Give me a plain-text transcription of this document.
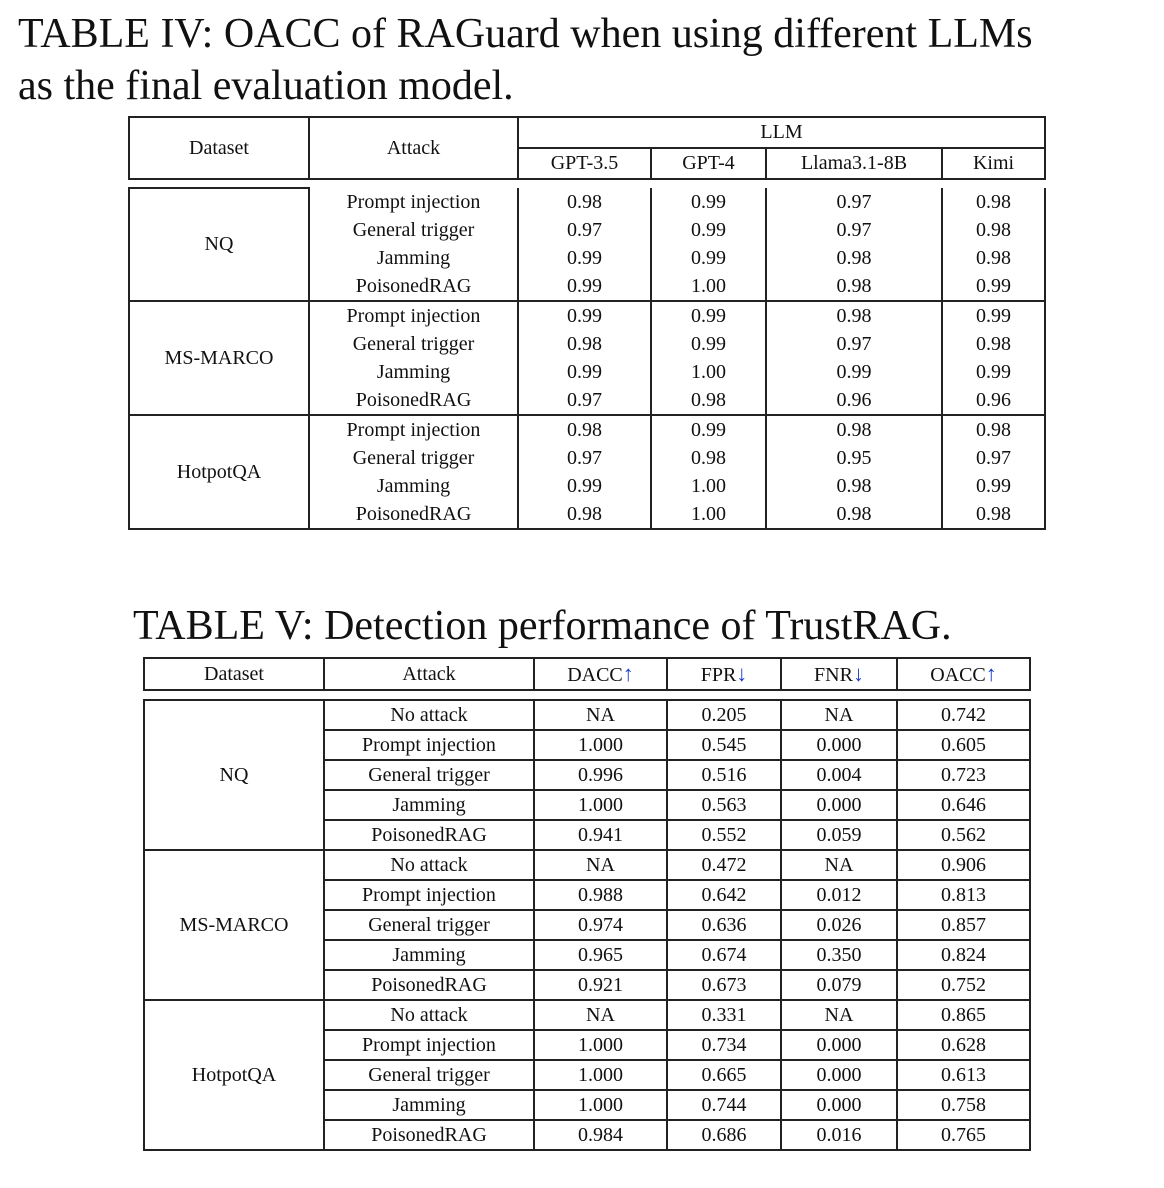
TABLE IV: OACC of RAGuard when using different LLMs
as the final evaluation model.
Dataset	Attack	LLM			
		GPT-3.5	GPT-4	Llama3.1-8B	Kimi
NQ	Prompt injection	0.98	0.99	0.97	0.98
	General trigger	0.97	0.99	0.97	0.98
	Jamming	0.99	0.99	0.98	0.98
	PoisonedRAG	0.99	1.00	0.98	0.99
MS-MARCO	Prompt injection	0.99	0.99	0.98	0.99
	General trigger	0.98	0.99	0.97	0.98
	Jamming	0.99	1.00	0.99	0.99
	PoisonedRAG	0.97	0.98	0.96	0.96
HotpotQA	Prompt injection	0.98	0.99	0.98	0.98
	General trigger	0.97	0.98	0.95	0.97
	Jamming	0.99	1.00	0.98	0.99
	PoisonedRAG	0.98	1.00	0.98	0.98
TABLE V: Detection performance of TrustRAG.
Dataset	Attack	DACC↑	FPR↓	FNR↓	OACC↑
NQ	No attack	NA	0.205	NA	0.742
	Prompt injection	1.000	0.545	0.000	0.605
	General trigger	0.996	0.516	0.004	0.723
	Jamming	1.000	0.563	0.000	0.646
	PoisonedRAG	0.941	0.552	0.059	0.562
MS-MARCO	No attack	NA	0.472	NA	0.906
	Prompt injection	0.988	0.642	0.012	0.813
	General trigger	0.974	0.636	0.026	0.857
	Jamming	0.965	0.674	0.350	0.824
	PoisonedRAG	0.921	0.673	0.079	0.752
HotpotQA	No attack	NA	0.331	NA	0.865
	Prompt injection	1.000	0.734	0.000	0.628
	General trigger	1.000	0.665	0.000	0.613
	Jamming	1.000	0.744	0.000	0.758
	PoisonedRAG	0.984	0.686	0.016	0.765
